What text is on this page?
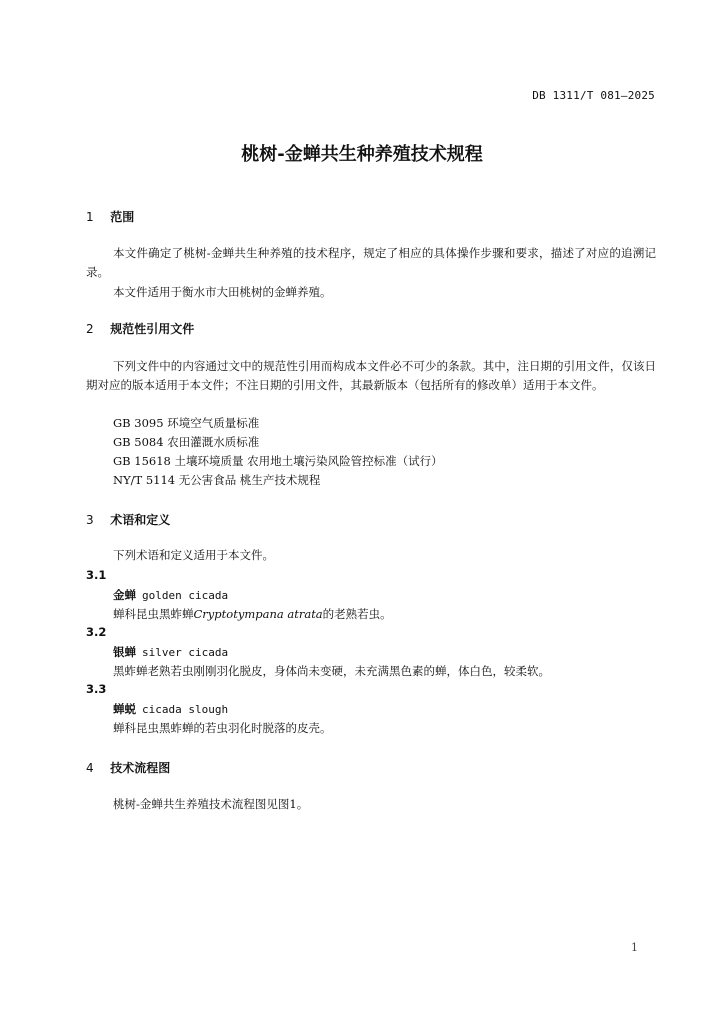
DB 1311/T 081—2025
桃树-金蝉共生种养殖技术规程
1 范围
本文件确定了桃树-金蝉共生种养殖的技术程序，规定了相应的具体操作步骤和要求，描述了对应的追溯记录。
本文件适用于衡水市大田桃树的金蝉养殖。
2 规范性引用文件
下列文件中的内容通过文中的规范性引用而构成本文件必不可少的条款。其中，注日期的引用文件，仅该日期对应的版本适用于本文件；不注日期的引用文件，其最新版本（包括所有的修改单）适用于本文件。
GB 3095 环境空气质量标准
GB 5084 农田灌溉水质标准
GB 15618 土壤环境质量 农用地土壤污染风险管控标准（试行）
NY/T 5114 无公害食品 桃生产技术规程
3 术语和定义
下列术语和定义适用于本文件。
3.1
金蝉 golden cicada
蝉科昆虫黑蚱蝉Cryptotympana atrata的老熟若虫。
3.2
银蝉 silver cicada
黑蚱蝉老熟若虫刚刚羽化脱皮，身体尚未变硬，未充满黑色素的蝉，体白色，较柔软。
3.3
蝉蜕 cicada slough
蝉科昆虫黑蚱蝉的若虫羽化时脱落的皮壳。
4 技术流程图
桃树-金蝉共生养殖技术流程图见图1。
1
